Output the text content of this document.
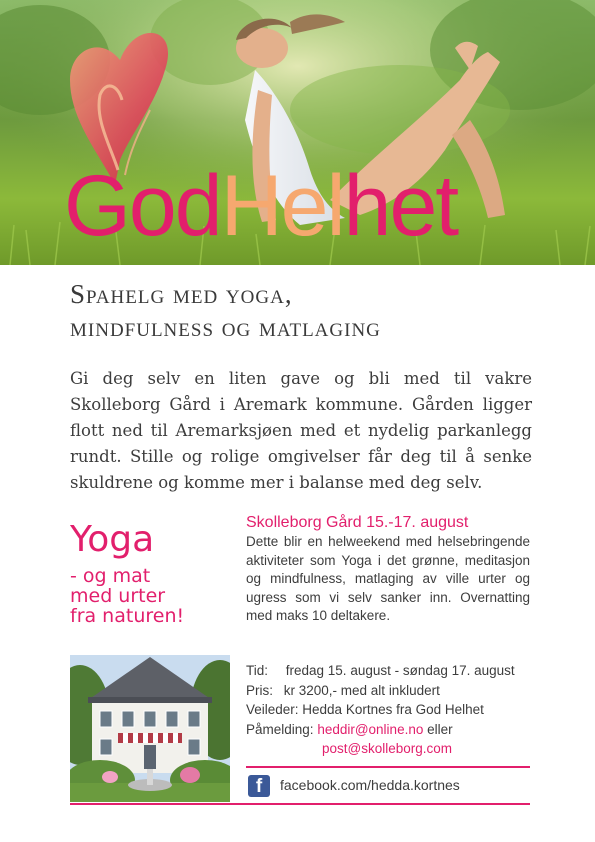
GodHelhet
Spahelg med yoga,
mindfulness og matlaging
Gi deg selv en liten gave og bli med til vakre Skolleborg Gård i Aremark kommune. Gården ligger flott ned til Aremarksjøen med et nydelig parkanlegg rundt. Stille og rolige omgivelser får deg til å senke skuldrene og komme mer i balanse med deg selv.
Yoga
- og mat
med urter
fra naturen!
Skolleborg Gård 15.-17. august
Dette blir en helweekend med helsebringende aktiviteter som Yoga i det grønne, meditasjon og mindfulness, matlaging av ville urter og ugress som vi selv sanker inn. Overnatting med maks 10 deltakere.
Tid: fredag 15. august - søndag 17. august
Pris: kr 3200,- med alt inkludert
Veileder: Hedda Kortnes fra God Helhet
Påmelding: heddir@online.no eller
post@skolleborg.com
f	facebook.com/hedda.kortnes
